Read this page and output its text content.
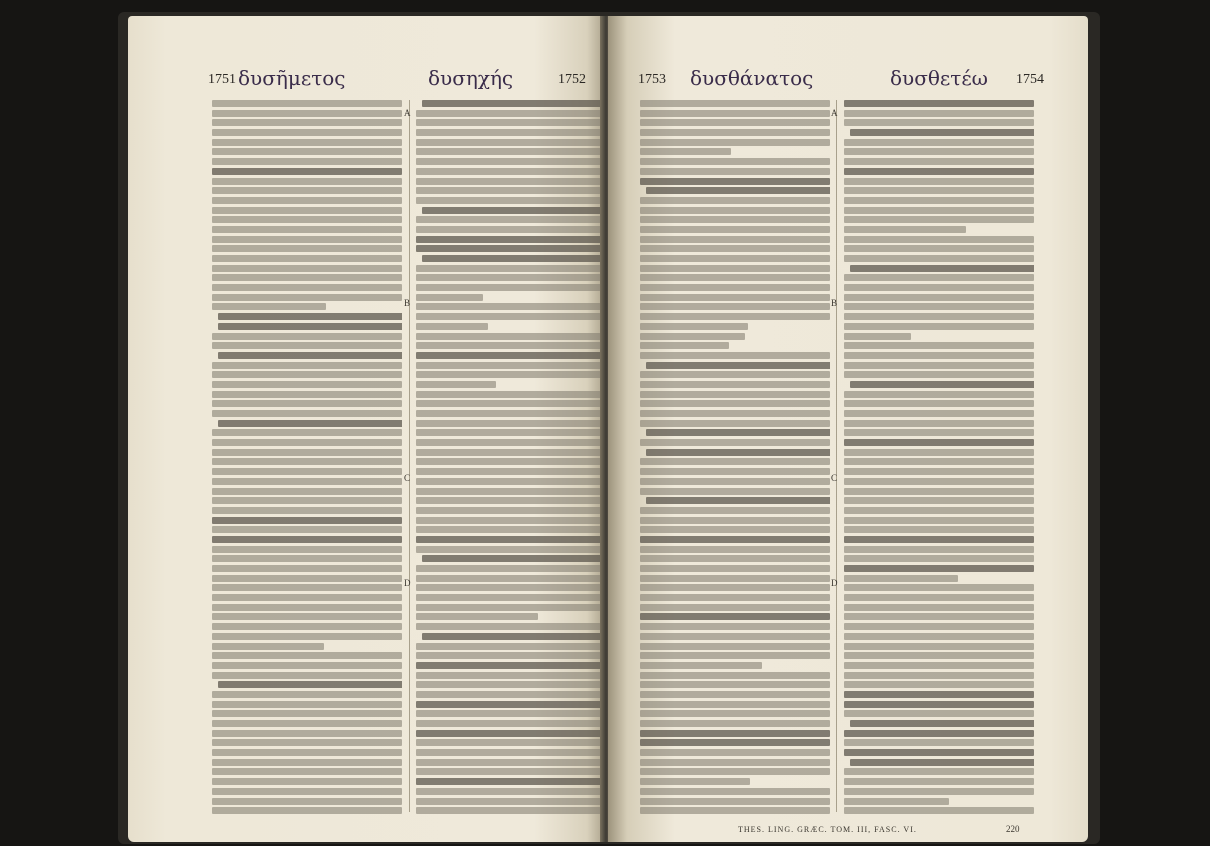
1751 δυσῆμετος	δυσηχής	1752
A
B
C
D
1753 δυσθάνατος	δυσθετέω 1754
A
B
C
D
THES. LING. GRÆC. TOM. III, FASC. VI.	220
